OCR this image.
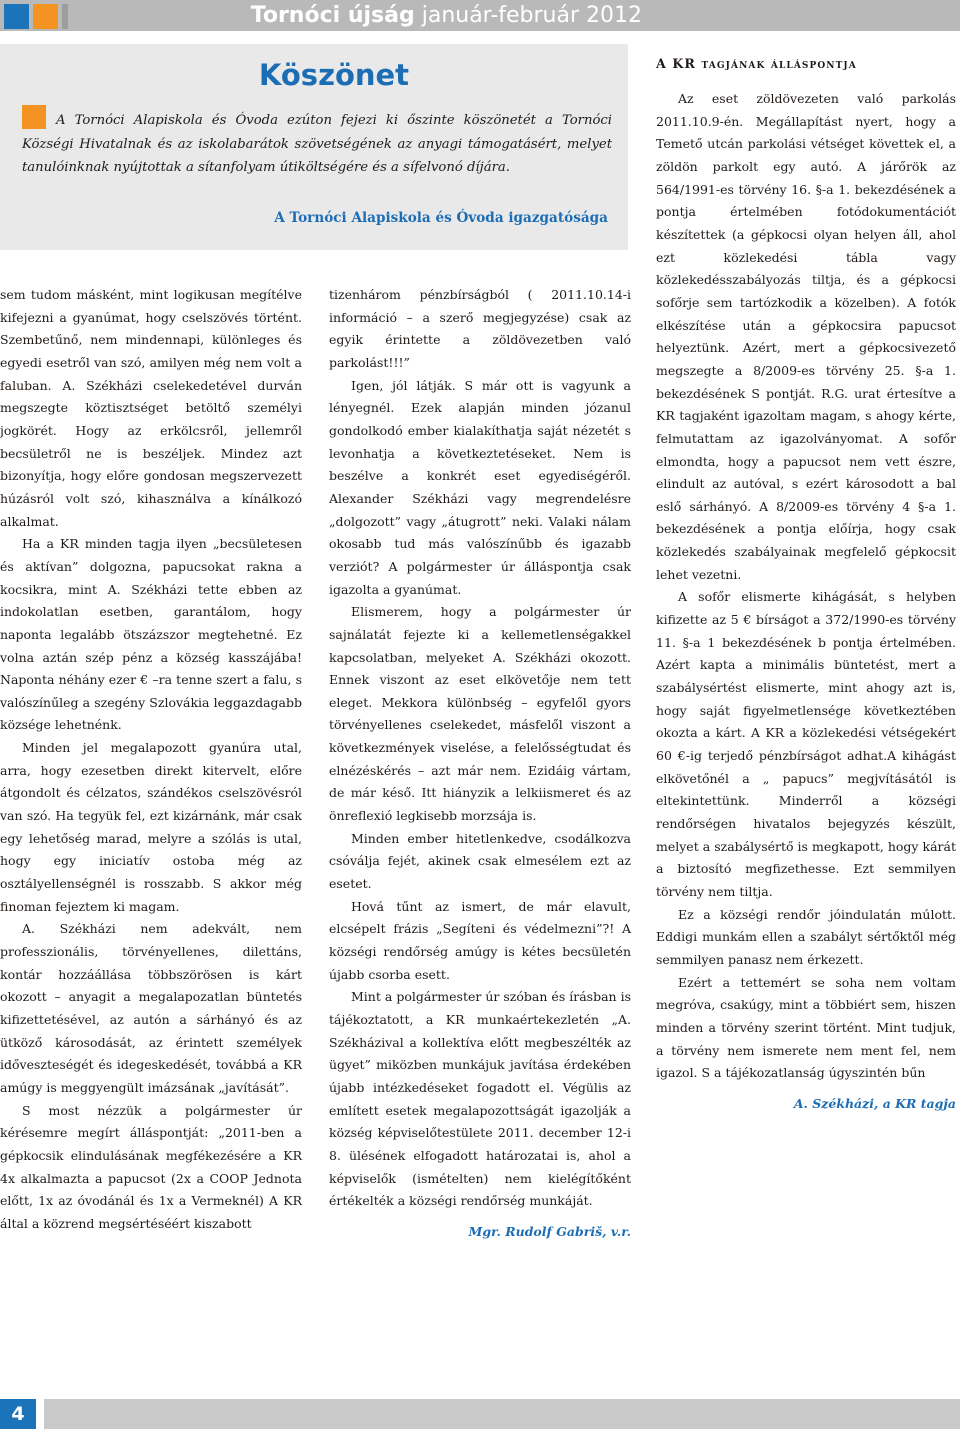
Tornóci újság január-február 2012
Köszönet

A Tornóci Alapiskola és Óvoda ezúton fejezi ki őszinte köszönetét a Tornóci Községi Hivatalnak és az iskolabarátok szövetségének az anyagi támogatásért, melyet tanulóinknak nyújtottak a sítanfolyam útiköltségére és a sífelvonó díjára.

A Tornóci Alapiskola és Óvoda igazgatósága

sem tudom másként, mint logikusan megítélve kifejezni a gyanúmat, hogy cselszövés történt. Szembetűnő, nem mindennapi, különleges és egyedi esetről van szó, amilyen még nem volt a faluban. A. Székházi cselekedetével durván megszegte köztisztséget betöltő személyi jogkörét. Hogy az erkölcsről, jellemről becsületről ne is beszéljek. Mindez azt bizonyítja, hogy előre gondosan megszervezett húzásról volt szó, kihasználva a kínálkozó alkalmat.

Ha a KR minden tagja ilyen „becsületesen és aktívan” dolgozna, papucsokat rakna a kocsikra, mint A. Székházi tette ebben az indokolatlan esetben, garantálom, hogy naponta legalább ötszázszor megtehetné. Ez volna aztán szép pénz a község kasszájába! Naponta néhány ezer € –ra tenne szert a falu, s valószínűleg a szegény Szlovákia leggazdagabb községe lehetnénk.

Minden jel megalapozott gyanúra utal, arra, hogy ezesetben direkt kitervelt, előre átgondolt és célzatos, szándékos cselszövésról van szó. Ha tegyük fel, ezt kizárnánk, már csak egy lehetőség marad, melyre a szólás is utal, hogy egy iniciatív ostoba még az osztályellenségnél is rosszabb. S akkor még finoman fejeztem ki magam.

A. Székházi nem adekvált, nem professzionális, törvényellenes, dilettáns, kontár hozzáállása többszörösen is kárt okozott – anyagit a megalapozatlan büntetés kifizettetésével, az autón a sárhányó és az ütköző károsodását, az érintett személyek időveszteségét és idegeskedését, továbbá a KR amúgy is meggyengült imázsának „javítását”.

S most nézzük a polgármester úr kérésemre megírt álláspontját: „2011-ben a gépkocsik elindulásának megfékezésére a KR 4x alkalmazta a papucsot (2x a COOP Jednota előtt, 1x az óvodánál és 1x a Vermeknél) A KR által a közrend megsértéséért kiszabott

tizenhárom pénzbírságból ( 2011.10.14-i információ – a szerő megjegyzése) csak az egyik érintette a zöldövezetben való parkolást!!!”

Igen, jól látják. S már ott is vagyunk a lényegnél. Ezek alapján minden józanul gondolkodó ember kialakíthatja saját nézetét s levonhatja a következtetéseket. Nem is beszélve a konkrét eset egyediségéről. Alexander Székházi vagy megrendelésre „dolgozott” vagy „átugrott” neki. Valaki nálam okosabb tud más valószínűbb és igazabb verziót? A polgármester úr álláspontja csak igazolta a gyanúmat.

Elismerem, hogy a polgármester úr sajnálatát fejezte ki a kellemetlenségakkel kapcsolatban, melyeket A. Székházi okozott. Ennek viszont az eset elkövetője nem tett eleget. Mekkora különbség – egyfelől gyors törvényellenes cselekedet, másfelől viszont a következmények viselése, a felelősségtudat és elnézéskérés – azt már nem. Ezidáig vártam, de már késő. Itt hiányzik a lelkiismeret és az önreflexió legkisebb morzsája is.

Minden ember hitetlenkedve, csodálkozva csóválja fejét, akinek csak elmesélem ezt az esetet.

Hová tűnt az ismert, de már elavult, elcsépelt frázis „Segíteni és védelmezni”?! A községi rendőrség amúgy is kétes becsületén újabb csorba esett.

Mint a polgármester úr szóban és írásban is tájékoztatott, a KR munkaértekezletén „A. Székházival a kollektíva előtt megbeszélték az ügyet” miközben munkájuk javítása érdekében újabb intézkedéseket fogadott el. Végülis az említett esetek megalapozottságát igazolják a község képviselőtestülete 2011. december 12-i 8. ülésének elfogadott határozatai is, ahol a képviselők (ismételten) nem kielégítőként értékelték a községi rendőrség munkáját.

Mgr. Rudolf Gabriš, v.r.

A KR tagjának álláspontja

Az eset zöldövezeten való parkolás 2011.10.9-én. Megállapítást nyert, hogy a Temető utcán parkolási vétséget követtek el, a zöldön parkolt egy autó. A járőrök az 564/1991-es törvény 16. §-a 1. bekezdésének a pontja értelmében fotódokumentációt készítettek (a gépkocsi olyan helyen áll, ahol ezt közlekedési tábla vagy közlekedésszabályozás tiltja, és a gépkocsi sofőrje sem tartózkodik a közelben). A fotók elkészítése után a gépkocsira papucsot helyeztünk. Azért, mert a gépkocsivezető megszegte a 8/2009-es törvény 25. §-a 1. bekezdésének S pontját. R.G. urat értesítve a KR tagjaként igazoltam magam, s ahogy kérte, felmutattam az igazolványomat. A sofőr elmondta, hogy a papucsot nem vett észre, elindult az autóval, s ezért károsodott a bal eslő sárhányó. A 8/2009-es törvény 4 §-a 1. bekezdésének a pontja előírja, hogy csak közlekedés szabályainak megfelelő gépkocsit lehet vezetni.

A sofőr elismerte kihágását, s helyben kifizette az 5 € bírságot a 372/1990-es törvény 11. §-a 1 bekezdésének b pontja értelmében. Azért kapta a minimális büntetést, mert a szabálysértést elismerte, mint ahogy azt is, hogy saját figyelmetlensége következtében okozta a kárt. A KR a közlekedési vétségekért 60 €-ig terjedő pénzbírságot adhat.A kihágást elkövetőnél a „ papucs” megjvításától is eltekintettünk. Minderről a községi rendőrségen hivatalos bejegyzés készült, melyet a szabálysértő is megkapott, hogy kárát a biztosító megfizethesse. Ezt semmilyen törvény nem tiltja.

Ez a községi rendőr jóindulatán múlott. Eddigi munkám ellen a szabályt sértőktől még semmilyen panasz nem érkezett.

Ezért a tettemért se soha nem voltam megróva, csakúgy, mint a többiért sem, hiszen minden a törvény szerint történt. Mint tudjuk, a törvény nem ismerete nem ment fel, nem igazol. S a tájékozatlanság úgyszintén bűn

A. Székházi, a KR tagja

4
